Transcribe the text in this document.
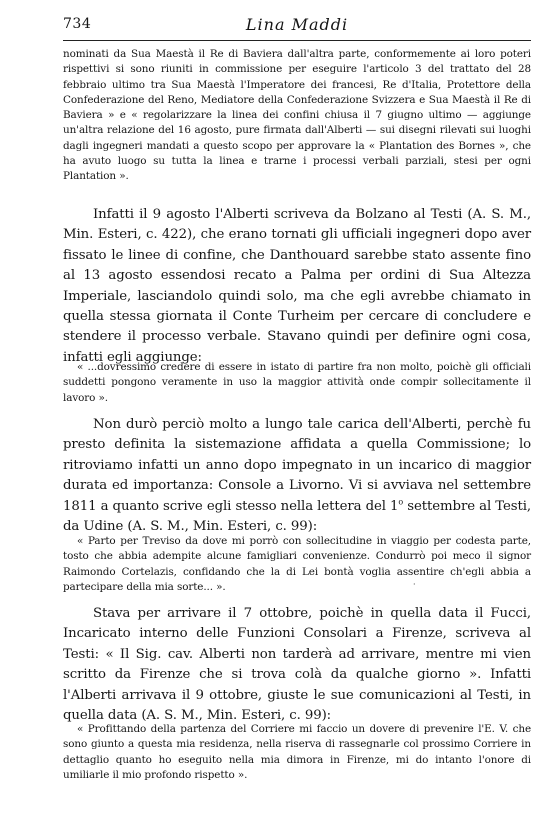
734	Lina Maddi

nominati da Sua Maestà il Re di Baviera dall'altra parte, conformemente ai loro poteri rispettivi si sono riuniti in commissione per eseguire l'articolo 3 del trattato del 28 febbraio ultimo tra Sua Maestà l'Imperatore dei francesi, Re d'Italia, Protettore della Confederazione del Reno, Mediatore della Confederazione Svizzera e Sua Maestà il Re di Baviera » e « regolarizzare la linea dei confini chiusa il 7 giugno ultimo — aggiunge un'altra relazione del 16 agosto, pure firmata dall'Alberti — sui disegni rilevati sui luoghi dagli ingegneri mandati a questo scopo per approvare la « Plantation des Bornes », che ha avuto luogo su tutta la linea e trarne i processi verbali parziali, stesi per ogni Plantation ».

Infatti il 9 agosto l'Alberti scriveva da Bolzano al Testi (A. S. M., Min. Esteri, c. 422), che erano tornati gli ufficiali ingegneri dopo aver fissato le linee di confine, che Danthouard sarebbe stato assente fino al 13 agosto essendosi recato a Palma per ordini di Sua Altezza Imperiale, lasciandolo quindi solo, ma che egli avrebbe chiamato in quella stessa giornata il Conte Turheim per cercare di concludere e stendere il processo verbale. Stavano quindi per definire ogni cosa, infatti egli aggiunge:

« ...dovressimo credere di essere in istato di partire fra non molto, poichè gli officiali suddetti pongono veramente in uso la maggior attività onde compir sollecitamente il lavoro ».

Non durò perciò molto a lungo tale carica dell'Alberti, perchè fu presto definita la sistemazione affidata a quella Commissione; lo ritroviamo infatti un anno dopo impegnato in un incarico di maggior durata ed importanza: Console a Livorno. Vi si avviava nel settembre 1811 a quanto scrive egli stesso nella lettera del 1$^o$ settembre al Testi, da Udine (A. S. M., Min. Esteri, c. 99):

« Parto per Treviso da dove mi porrò con sollecitudine in viaggio per codesta parte, tosto che abbia adempite alcune famigliari convenienze. Condurrò poi meco il signor Raimondo Cortelazis, confidando che la di Lei bontà voglia assentire ch'egli abbia a partecipare della mia sorte... ».	·

Stava per arrivare il 7 ottobre, poichè in quella data il Fucci, Incaricato interno delle Funzioni Consolari a Firenze, scriveva al Testi: « Il Sig. cav. Alberti non tarderà ad arrivare, mentre mi vien scritto da Firenze che si trova colà da qualche giorno ». Infatti l'Alberti arrivava il 9 ottobre, giuste le sue comunicazioni al Testi, in quella data (A. S. M., Min. Esteri, c. 99):

« Profittando della partenza del Corriere mi faccio un dovere di prevenire l'E. V. che sono giunto a questa mia residenza, nella riserva di rassegnarle col prossimo Corriere in dettaglio quanto ho eseguito nella mia dimora in Firenze, mi do intanto l'onore di umiliarle il mio profondo rispetto ».
